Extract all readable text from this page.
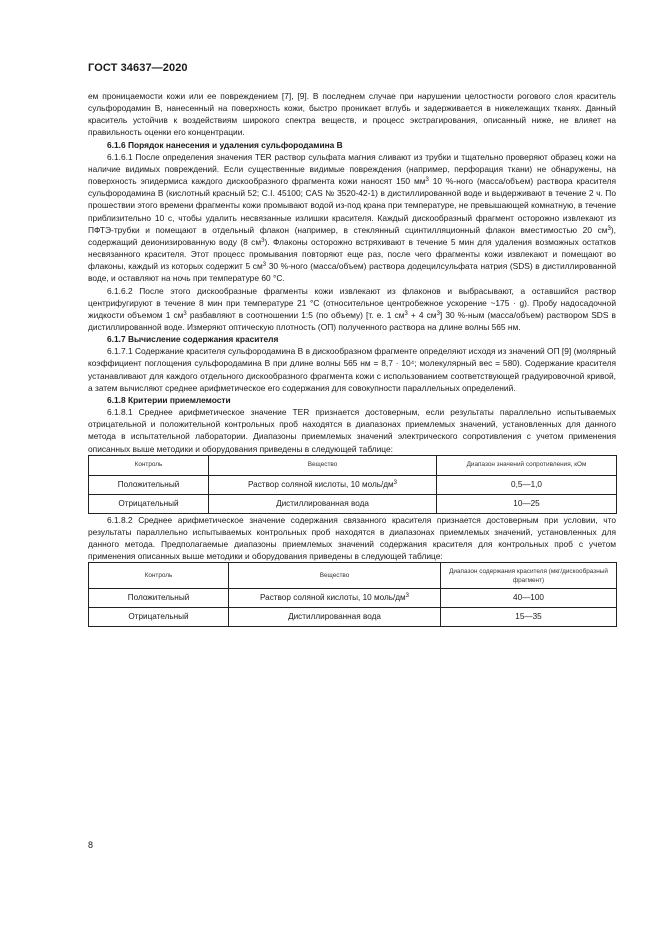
ГОСТ 34637—2020

ем проницаемости кожи или ее повреждением [7], [9]. В последнем случае при нарушении целостности рогового слоя краситель сульфородамин B, нанесенный на поверхность кожи, быстро проникает вглубь и задерживается в нижележащих тканях. Данный краситель устойчив к воздействиям широкого спектра веществ, и процесс экстрагирования, описанный ниже, не влияет на правильность оценки его концентрации.

6.1.6 Порядок нанесения и удаления сульфородамина B

6.1.6.1 После определения значения TER раствор сульфата магния сливают из трубки и тщательно проверяют образец кожи на наличие видимых повреждений. Если существенные видимые повреждения (например, перфорация ткани) не обнаружены, на поверхность эпидермиса каждого дискообразного фрагмента кожи наносят 150 $мм^3$ 10 %-ного (масса/объем) раствора красителя сульфородамина B (кислотный красный 52; C.I. 45100; CAS № 3520-42-1) в дистиллированной воде и выдерживают в течение 2 ч. По прошествии этого времени фрагменты кожи промывают водой из-под крана при температуре, не превышающей комнатную, в течение приблизительно 10 с, чтобы удалить несвязанные излишки красителя. Каждый дискообразный фрагмент осторожно извлекают из ПФТЭ-трубки и помещают в отдельный флакон (например, в стеклянный сцинтилляционный флакон вместимостью 20 $см^3$), содержащий деионизированную воду (8 $см^3$). Флаконы осторожно встряхивают в течение 5 мин для удаления возможных остатков несвязанного красителя. Этот процесс промывания повторяют еще раз, после чего фрагменты кожи извлекают и помещают во флаконы, каждый из которых содержит 5 $см^3$ 30 %-ного (масса/объем) раствора додецилсульфата натрия (SDS) в дистиллированной воде, и оставляют на ночь при температуре 60 °C.

6.1.6.2 После этого дискообразные фрагменты кожи извлекают из флаконов и выбрасывают, а оставшийся раствор центрифугируют в течение 8 мин при температуре 21 °C (относительное центробежное ускорение ~175 · g). Пробу надосадочной жидкости объемом 1 $см^3$ разбавляют в соотношении 1:5 (по объему) [т. е. 1 $см^3 + 4$ $см^3$] 30 %-ным (масса/объем) раствором SDS в дистиллированной воде. Измеряют оптическую плотность (ОП) полученного раствора на длине волны 565 нм.

6.1.7 Вычисление содержания красителя

6.1.7.1 Содержание красителя сульфородамина B в дискообразном фрагменте определяют исходя из значений ОП [9] (молярный коэффициент поглощения сульфородамина B при длине волны 565 нм = 8,7 · 10⁴; молекулярный вес = 580). Содержание красителя устанавливают для каждого отдельного дискообразного фрагмента кожи с использованием соответствующей градуировочной кривой, а затем вычисляют среднее арифметическое его содержания для совокупности параллельных определений.

6.1.8 Критерии приемлемости

6.1.8.1 Среднее арифметическое значение TER признается достоверным, если результаты параллельно испытываемых отрицательной и положительной контрольных проб находятся в диапазонах приемлемых значений, установленных для данного метода в испытательной лаборатории. Диапазоны приемлемых значений электрического сопротивления с учетом применения описанных выше методики и оборудования приведены в следующей таблице:

Контроль	Вещество	Диапазон значений сопротивления, кОм
Положительный	Раствор соляной кислоты, 10 моль/$дм^3$	0,5—1,0
Отрицательный	Дистиллированная вода	10—25

6.1.8.2 Среднее арифметическое значение содержания связанного красителя признается достоверным при условии, что результаты параллельно испытываемых контрольных проб находятся в диапазонах приемлемых значений, установленных для данного метода. Предполагаемые диапазоны приемлемых значений содержания красителя для контрольных проб с учетом применения описанных выше методики и оборудования приведены в следующей таблице:

Контроль	Вещество	Диапазон содержания красителя (мкг/дискообразный фрагмент)
Положительный	Раствор соляной кислоты, 10 моль/$дм^3$	40—100
Отрицательный	Дистиллированная вода	15—35
8
